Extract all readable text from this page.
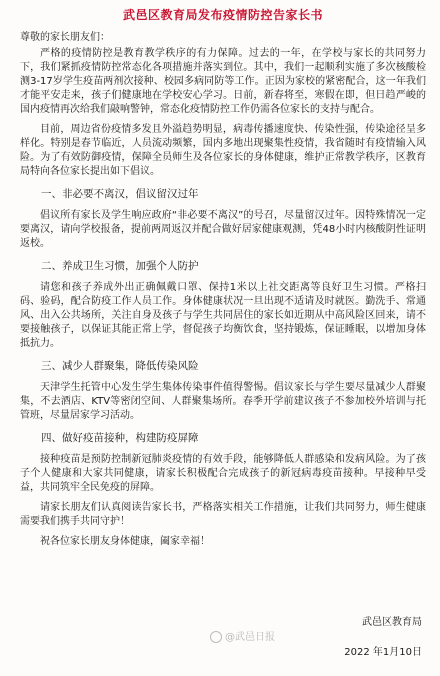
武邑区教育局发布疫情防控告家长书
尊敬的家长朋友们：

严格的疫情防控是教育教学秩序的有力保障。过去的一年，在学校与家长的共同努力下，我们紧抓疫情防控常态化各项措施并落实到位。其中，我们一起顺利实施了多次核酸检测3-17岁学生疫苗两剂次接种、校园多病同防等工作。正因为家校的紧密配合，这一年我们才能平安走来，孩子们健康地在学校安心学习。日前，新春将至，寒假在即，但日趋严峻的国内疫情再次给我们敲响警钟，常态化疫情防控工作仍需各位家长的支持与配合。

目前，周边省份疫情多发且外溢趋势明显，病毒传播速度快、传染性强，传染途径呈多样化。特别是春节临近，人员流动频繁，国内多地出现聚集性疫情，我省随时有疫情输入风险。为了有效防御疫情，保障全员师生及各位家长的身体健康，维护正常教学秩序，区教育局特向各位家长提出如下倡议。

一、非必要不离汉，倡议留汉过年

倡议所有家长及学生响应政府“非必要不离汉”的号召，尽量留汉过年。因特殊情况一定要离汉，请向学校报备，提前两周返汉并配合做好居家健康观测，凭48小时内核酸阴性证明返校。

二、养成卫生习惯，加强个人防护

请您和孩子养成外出正确佩戴口罩、保持1米以上社交距离等良好卫生习惯。严格扫码、验码，配合防疫工作人员工作。身体健康状况一旦出现不适请及时就医。勤洗手、常通风、出入公共场所，关注自身及孩子与学生共同居住的家长如近期从中高风险区回来，请不要接触孩子，以保证其能正常上学，督促孩子均衡饮食，坚持锻炼，保证睡眠，以增加身体抵抗力。

三、减少人群聚集，降低传染风险

天津学生托管中心发生学生集体传染事件值得警惕。倡议家长与学生要尽量减少人群聚集，不去酒店、KTV等密闭空间、人群聚集场所。春季开学前建议孩子不参加校外培训与托管班，尽量居家学习活动。

四、做好疫苗接种，构建防疫屏障

接种疫苗是预防控制新冠肺炎疫情的有效手段，能够降低人群感染和发病风险。为了孩子个人健康和大家共同健康，请家长积极配合完成孩子的新冠病毒疫苗接种。早接种早受益，共同筑牢全民免疫的屏障。

请家长朋友们认真阅读告家长书，严格落实相关工作措施，让我们共同努力，师生健康需要我们携手共同守护！

祝各位家长朋友身体健康，阖家幸福！
武邑区教育局
@武邑日报
2022 年1月10日
